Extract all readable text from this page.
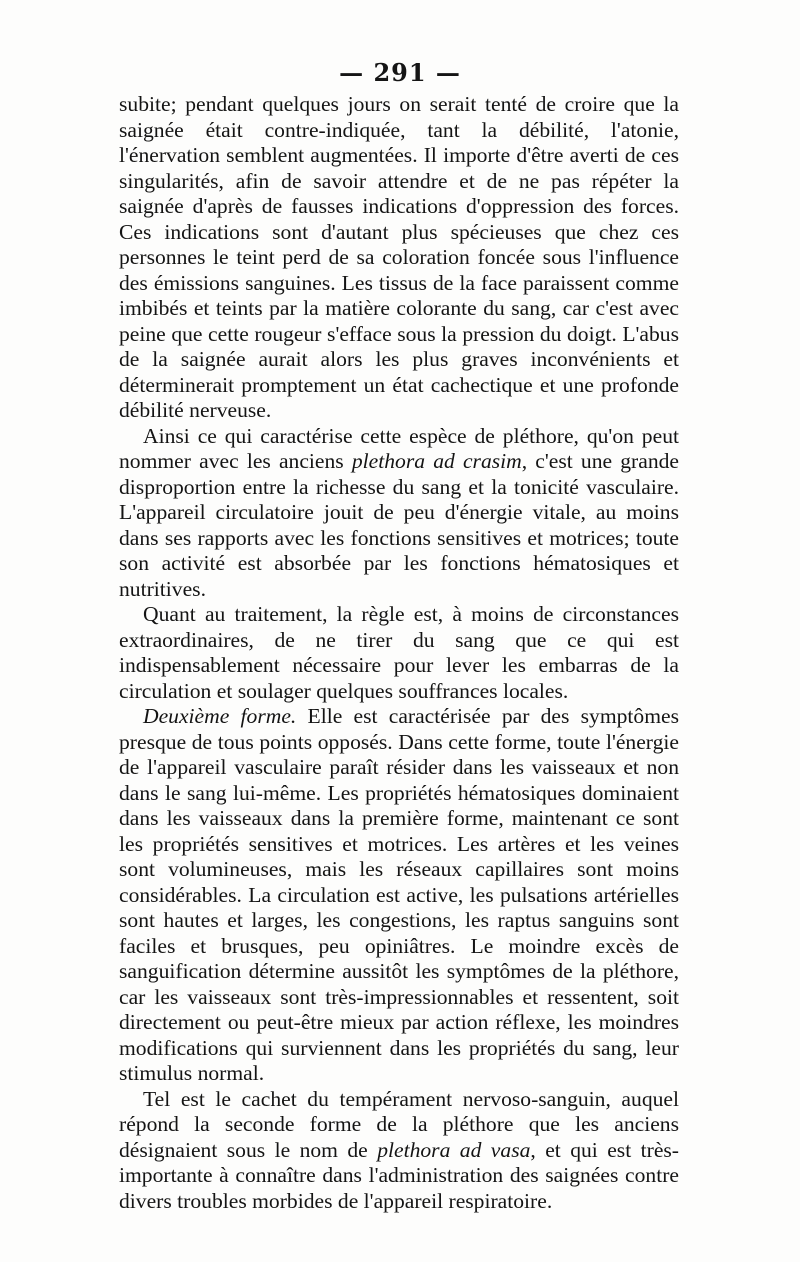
— 291 —

subite; pendant quelques jours on serait tenté de croire que la saignée était contre-indiquée, tant la débilité, l'atonie, l'énervation semblent augmentées. Il importe d'être averti de ces singularités, afin de savoir attendre et de ne pas répéter la saignée d'après de fausses indications d'oppression des forces. Ces indications sont d'autant plus spécieuses que chez ces personnes le teint perd de sa coloration foncée sous l'influence des émissions sanguines. Les tissus de la face paraissent comme imbibés et teints par la matière colorante du sang, car c'est avec peine que cette rougeur s'efface sous la pression du doigt. L'abus de la saignée aurait alors les plus graves inconvénients et déterminerait promptement un état cachectique et une profonde débilité nerveuse.

Ainsi ce qui caractérise cette espèce de pléthore, qu'on peut nommer avec les anciens plethora ad crasim, c'est une grande disproportion entre la richesse du sang et la tonicité vasculaire. L'appareil circulatoire jouit de peu d'énergie vitale, au moins dans ses rapports avec les fonctions sensitives et motrices; toute son activité est absorbée par les fonctions hématosiques et nutritives.

Quant au traitement, la règle est, à moins de circonstances extraordinaires, de ne tirer du sang que ce qui est indispensablement nécessaire pour lever les embarras de la circulation et soulager quelques souffrances locales.

Deuxième forme. Elle est caractérisée par des symptômes presque de tous points opposés. Dans cette forme, toute l'énergie de l'appareil vasculaire paraît résider dans les vaisseaux et non dans le sang lui-même. Les propriétés hématosiques dominaient dans les vaisseaux dans la première forme, maintenant ce sont les propriétés sensitives et motrices. Les artères et les veines sont volumineuses, mais les réseaux capillaires sont moins considérables. La circulation est active, les pulsations artérielles sont hautes et larges, les congestions, les raptus sanguins sont faciles et brusques, peu opiniâtres. Le moindre excès de sanguification détermine aussitôt les symptômes de la pléthore, car les vaisseaux sont très-impressionnables et ressentent, soit directement ou peut-être mieux par action réflexe, les moindres modifications qui surviennent dans les propriétés du sang, leur stimulus normal.

Tel est le cachet du tempérament nervoso-sanguin, auquel répond la seconde forme de la pléthore que les anciens désignaient sous le nom de plethora ad vasa, et qui est très-importante à connaître dans l'administration des saignées contre divers troubles morbides de l'appareil respiratoire.
